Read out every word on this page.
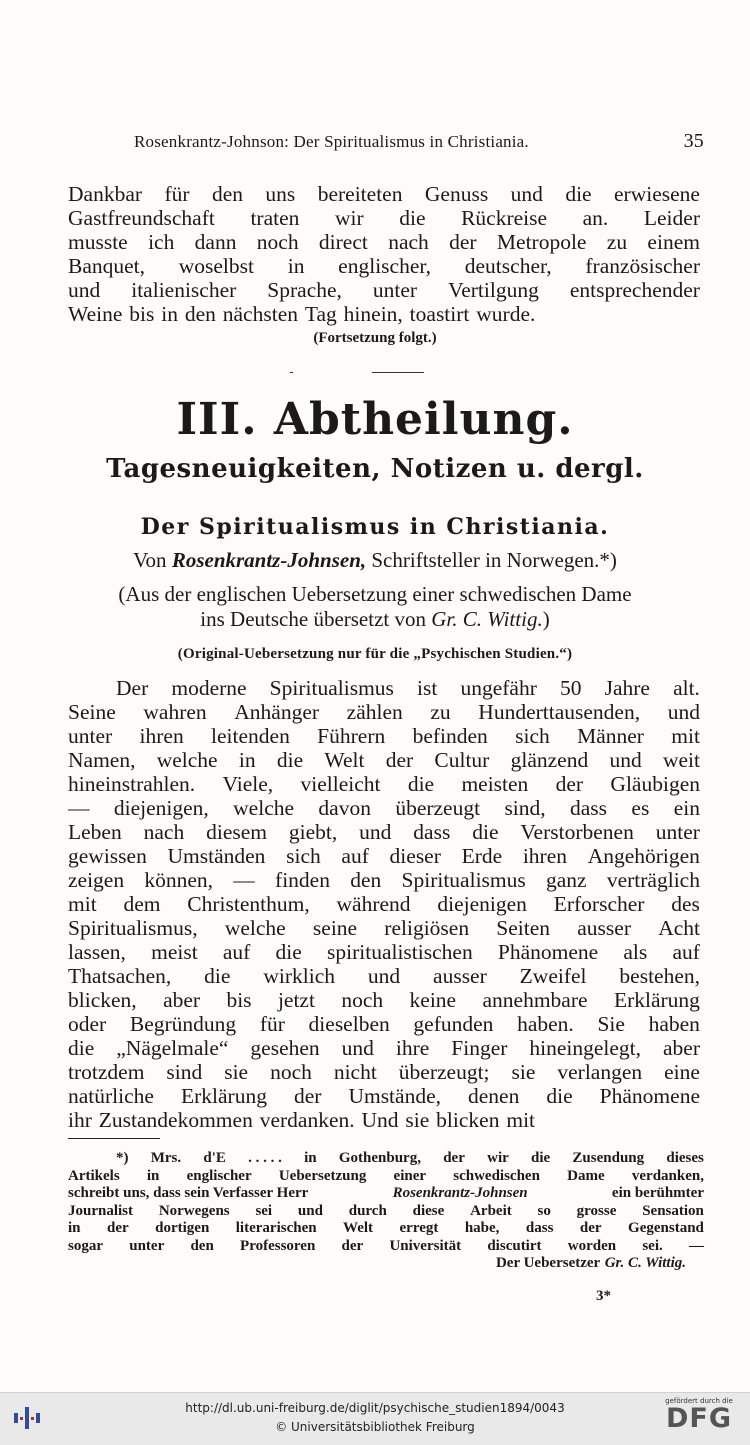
Rosenkrantz-Johnson: Der Spiritualismus in Christiania.	35
Dankbar für den uns bereiteten Genuss und die erwiesene
Gastfreundschaft traten wir die Rückreise an. Leider
musste ich dann noch direct nach der Metropole zu einem
Banquet, woselbst in englischer, deutscher, französischer
und italienischer Sprache, unter Vertilgung entsprechender
Weine bis in den nächsten Tag hinein, toastirt wurde.
(Fortsetzung folgt.)
III. Abtheilung.
Tagesneuigkeiten, Notizen u. dergl.
Der Spiritualismus in Christiania.
Von Rosenkrantz-Johnsen, Schriftsteller in Norwegen.*)
(Aus der englischen Uebersetzung einer schwedischen Dame
ins Deutsche übersetzt von Gr. C. Wittig.)
(Original-Uebersetzung nur für die „Psychischen Studien.“)
Der moderne Spiritualismus ist ungefähr 50 Jahre alt.
Seine wahren Anhänger zählen zu Hunderttausenden, und
unter ihren leitenden Führern befinden sich Männer mit
Namen, welche in die Welt der Cultur glänzend und weit
hineinstrahlen. Viele, vielleicht die meisten der Gläubigen
— diejenigen, welche davon überzeugt sind, dass es ein
Leben nach diesem giebt, und dass die Verstorbenen unter
gewissen Umständen sich auf dieser Erde ihren Angehörigen
zeigen können, — finden den Spiritualismus ganz verträglich
mit dem Christenthum, während diejenigen Erforscher des
Spiritualismus, welche seine religiösen Seiten ausser Acht
lassen, meist auf die spiritualistischen Phänomene als auf
Thatsachen, die wirklich und ausser Zweifel bestehen,
blicken, aber bis jetzt noch keine annehmbare Erklärung
oder Begründung für dieselben gefunden haben. Sie haben
die „Nägelmale“ gesehen und ihre Finger hineingelegt, aber
trotzdem sind sie noch nicht überzeugt; sie verlangen eine
natürliche Erklärung der Umstände, denen die Phänomene
ihr Zustandekommen verdanken. Und sie blicken mit
*) Mrs. d'E . . . . . in Gothenburg, der wir die Zusendung dieses
Artikels in englischer Uebersetzung einer schwedischen Dame verdanken,
schreibt uns, dass sein Verfasser Herr	Rosenkrantz-Johnsen	ein berühmter
Journalist Norwegens sei und durch diese Arbeit so grosse Sensation
in der dortigen literarischen Welt erregt habe, dass der Gegenstand
sogar unter den Professoren der Universität discutirt worden sei. —
Der Uebersetzer Gr. C. Wittig.
3*
http://dl.ub.uni-freiburg.de/diglit/psychische_studien1894/0043
© Universitätsbibliothek Freiburg
gefördert durch die
DFG
